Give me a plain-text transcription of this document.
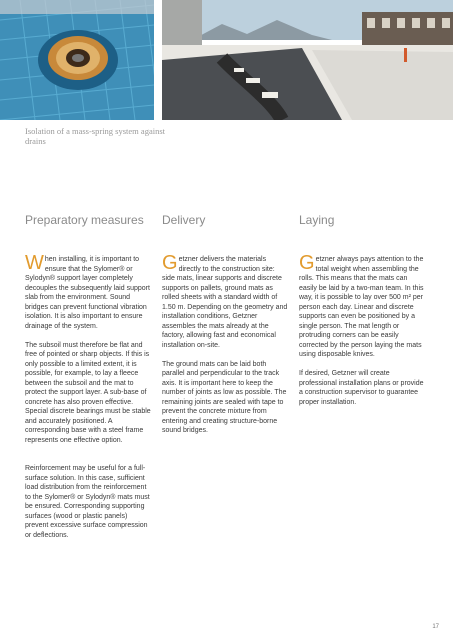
Isolation of a mass-spring system against drains
Preparatory measures Delivery	Laying

When installing, it is important to ensure that the Sylomer® or Sylodyn® support layer completely decouples the subsequently laid support slab from the environment. Sound bridges can prevent functional vibration isolation. It is also important to ensure drainage of the system.

The subsoil must therefore be flat and free of pointed or sharp objects. If this is only possible to a limited extent, it is possible, for example, to lay a fleece between the subsoil and the mat to protect the support layer. A sub-base of concrete has also proven effective. Special discrete bearings must be stable and accurately positioned. A corresponding base with a steel frame represents one effective option.

Reinforcement may be useful for a full-surface solution. In this case, sufficient load distribution from the reinforcement to the Sylomer® or Sylodyn® mats must be ensured. Corresponding supporting surfaces (wood or plastic panels) prevent excessive surface compression or deflections.

Getzner delivers the materials directly to the construction site: side mats, linear supports and discrete supports on pallets, ground mats as rolled sheets with a standard width of 1.50 m. Depending on the geometry and installation conditions, Getzner assembles the mats already at the factory, allowing fast and economical installation on-site.

The ground mats can be laid both parallel and perpendicular to the track axis. It is important here to keep the number of joints as low as possible. The remaining joints are sealed with tape to prevent the concrete mixture from entering and creating structure-borne sound bridges.

Getzner always pays attention to the total weight when assembling the rolls. This means that the mats can easily be laid by a two-man team. In this way, it is possible to lay over 500 m² per person each day. Linear and discrete supports can even be positioned by a single person. The mat length or protruding corners can be easily corrected by the person laying the mats using disposable knives.

If desired, Getzner will create professional installation plans or provide a construction supervisor to guarantee proper installation.

17
